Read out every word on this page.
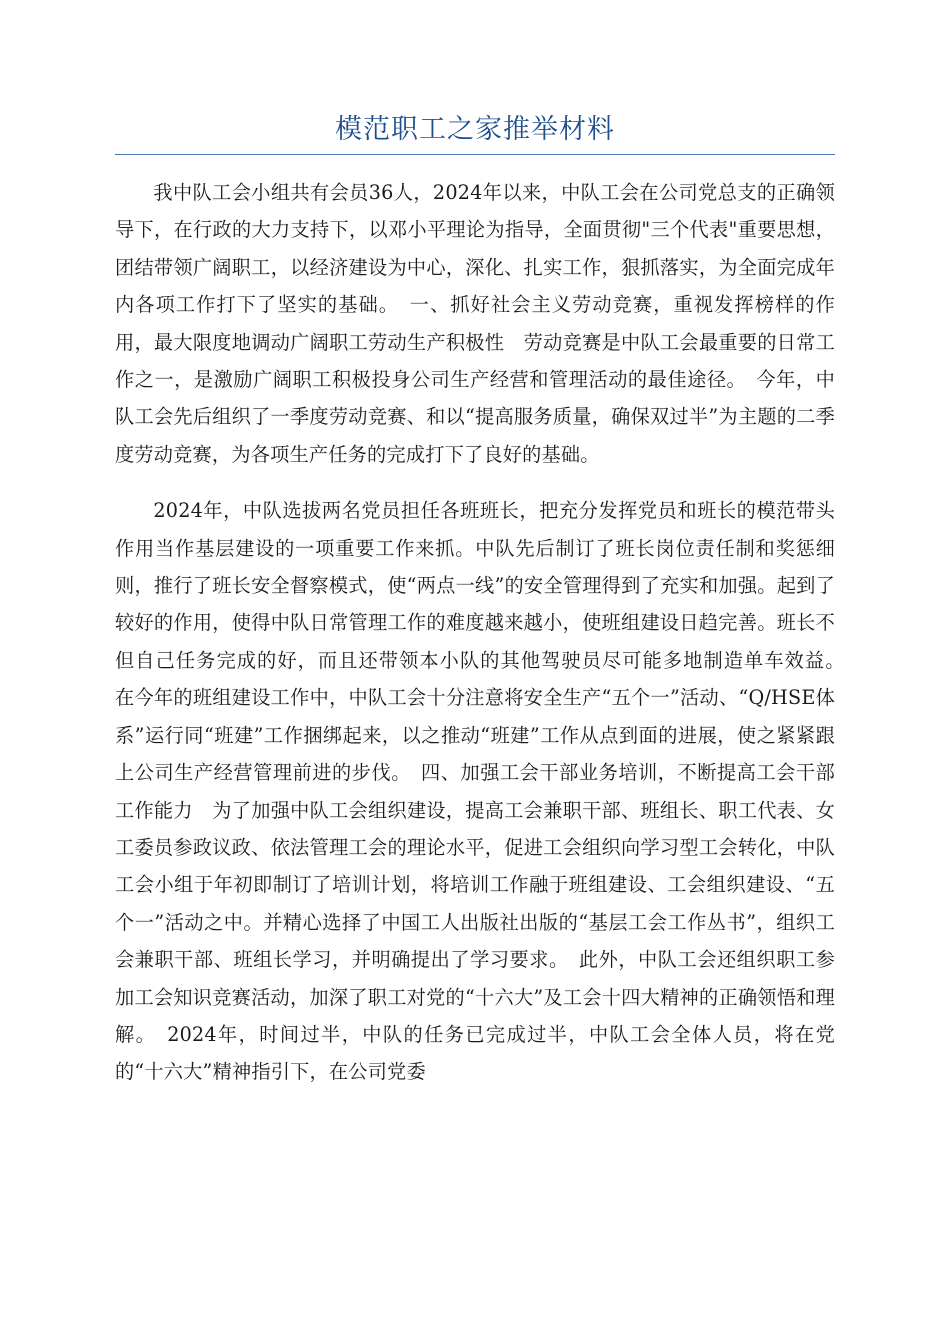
模范职工之家推举材料

我中队工会小组共有会员36人，2024年以来，中队工会在公司党总支的正确领导下，在行政的大力支持下，以邓小平理论为指导，全面贯彻"三个代表"重要思想，团结带领广阔职工，以经济建设为中心，深化、扎实工作，狠抓落实，为全面完成年内各项工作打下了坚实的基础。　一、抓好社会主义劳动竞赛，重视发挥榜样的作用，最大限度地调动广阔职工劳动生产积极性　劳动竞赛是中队工会最重要的日常工作之一，是激励广阔职工积极投身公司生产经营和管理活动的最佳途径。　今年，中队工会先后组织了一季度劳动竞赛、和以“提高服务质量，确保双过半”为主题的二季度劳动竞赛，为各项生产任务的完成打下了良好的基础。

2024年，中队选拔两名党员担任各班班长，把充分发挥党员和班长的模范带头作用当作基层建设的一项重要工作来抓。中队先后制订了班长岗位责任制和奖惩细则，推行了班长安全督察模式，使“两点一线”的安全管理得到了充实和加强。起到了较好的作用，使得中队日常管理工作的难度越来越小，使班组建设日趋完善。班长不但自己任务完成的好，而且还带领本小队的其他驾驶员尽可能多地制造单车效益。　在今年的班组建设工作中，中队工会十分注意将安全生产“五个一”活动、“Q/HSE体系”运行同“班建”工作捆绑起来，以之推动“班建”工作从点到面的进展，使之紧紧跟上公司生产经营管理前进的步伐。　四、加强工会干部业务培训，不断提高工会干部工作能力　为了加强中队工会组织建设，提高工会兼职干部、班组长、职工代表、女工委员参政议政、依法管理工会的理论水平，促进工会组织向学习型工会转化，中队工会小组于年初即制订了培训计划，将培训工作融于班组建设、工会组织建设、“五个一”活动之中。并精心选择了中国工人出版社出版的“基层工会工作丛书”，组织工会兼职干部、班组长学习，并明确提出了学习要求。　此外，中队工会还组织职工参加工会知识竞赛活动，加深了职工对党的“十六大”及工会十四大精神的正确领悟和理解。　2024年，时间过半，中队的任务已完成过半，中队工会全体人员，将在党的“十六大”精神指引下，在公司党委
